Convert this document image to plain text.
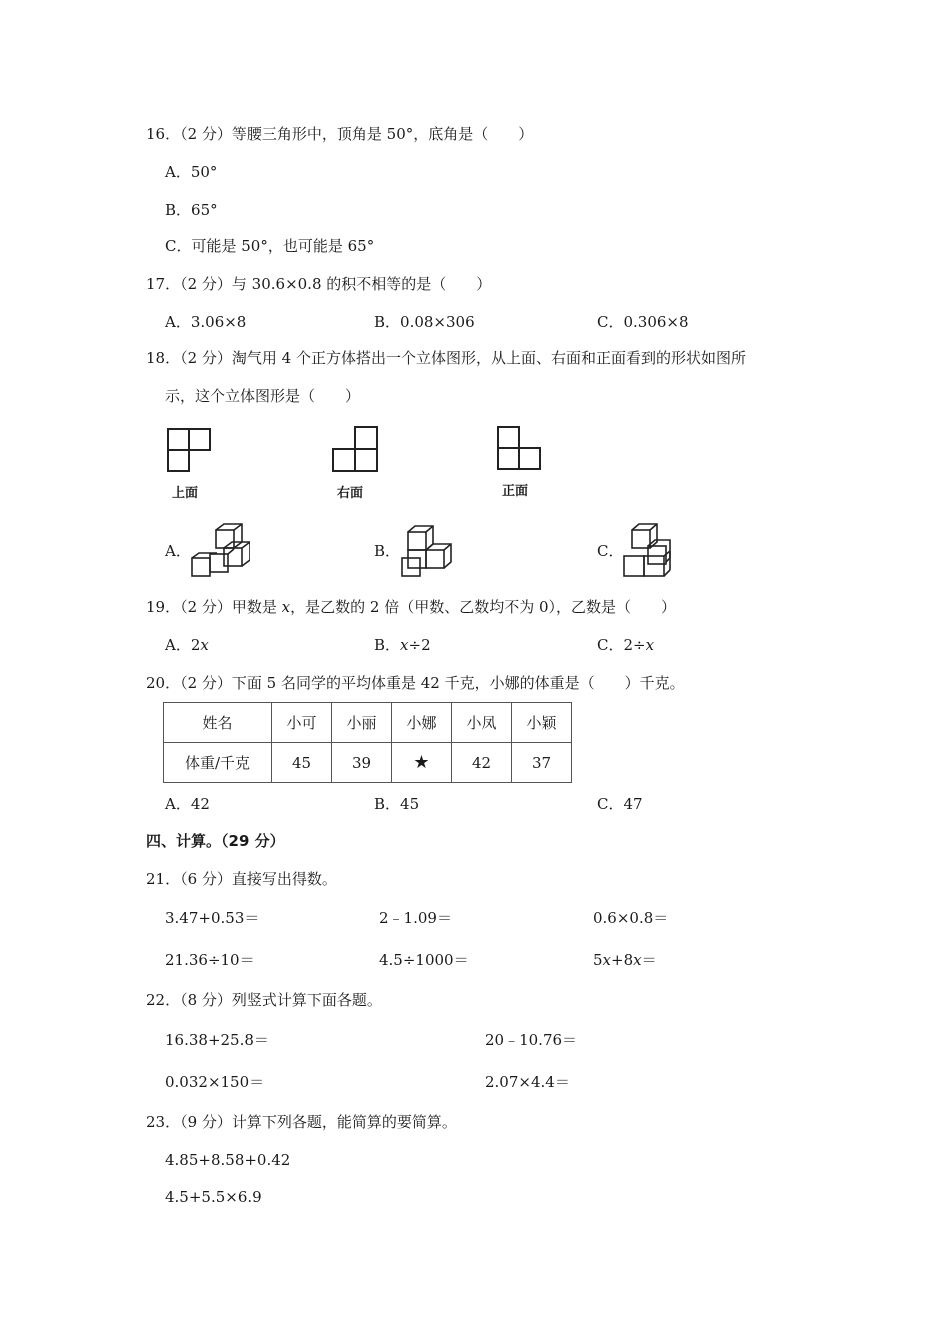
16．（2 分）等腰三角形中，顶角是 50°，底角是（　　）
A．50°
B．65°
C．可能是 50°，也可能是 65°
17．（2 分）与 30.6×0.8 的积不相等的是（　　）
A．3.06×8	B．0.08×306	C．0.306×8
18．（2 分）淘气用 4 个正方体搭出一个立体图形，从上面、右面和正面看到的形状如图所
示，这个立体图形是（　　）
上面	右面	正面
A．	B．	C．
19．（2 分）甲数是 x，是乙数的 2 倍（甲数、乙数均不为 0），乙数是（　　）
A．2x	B．x÷2	C．2÷x
20．（2 分）下面 5 名同学的平均体重是 42 千克，小娜的体重是（　　）千克。
姓名	小可	小丽	小娜	小凤	小颖
体重/千克	45	39	★	42	37
A．42	B．45	C．47
四、计算。（29 分）
21．（6 分）直接写出得数。
3.47+0.53＝	2﹣1.09＝	0.6×0.8＝
21.36÷10＝	4.5÷1000＝	5x+8x＝
22．（8 分）列竖式计算下面各题。
16.38+25.8＝	20﹣10.76＝
0.032×150＝	2.07×4.4＝
23．（9 分）计算下列各题，能简算的要简算。
4.85+8.58+0.42
4.5+5.5×6.9
